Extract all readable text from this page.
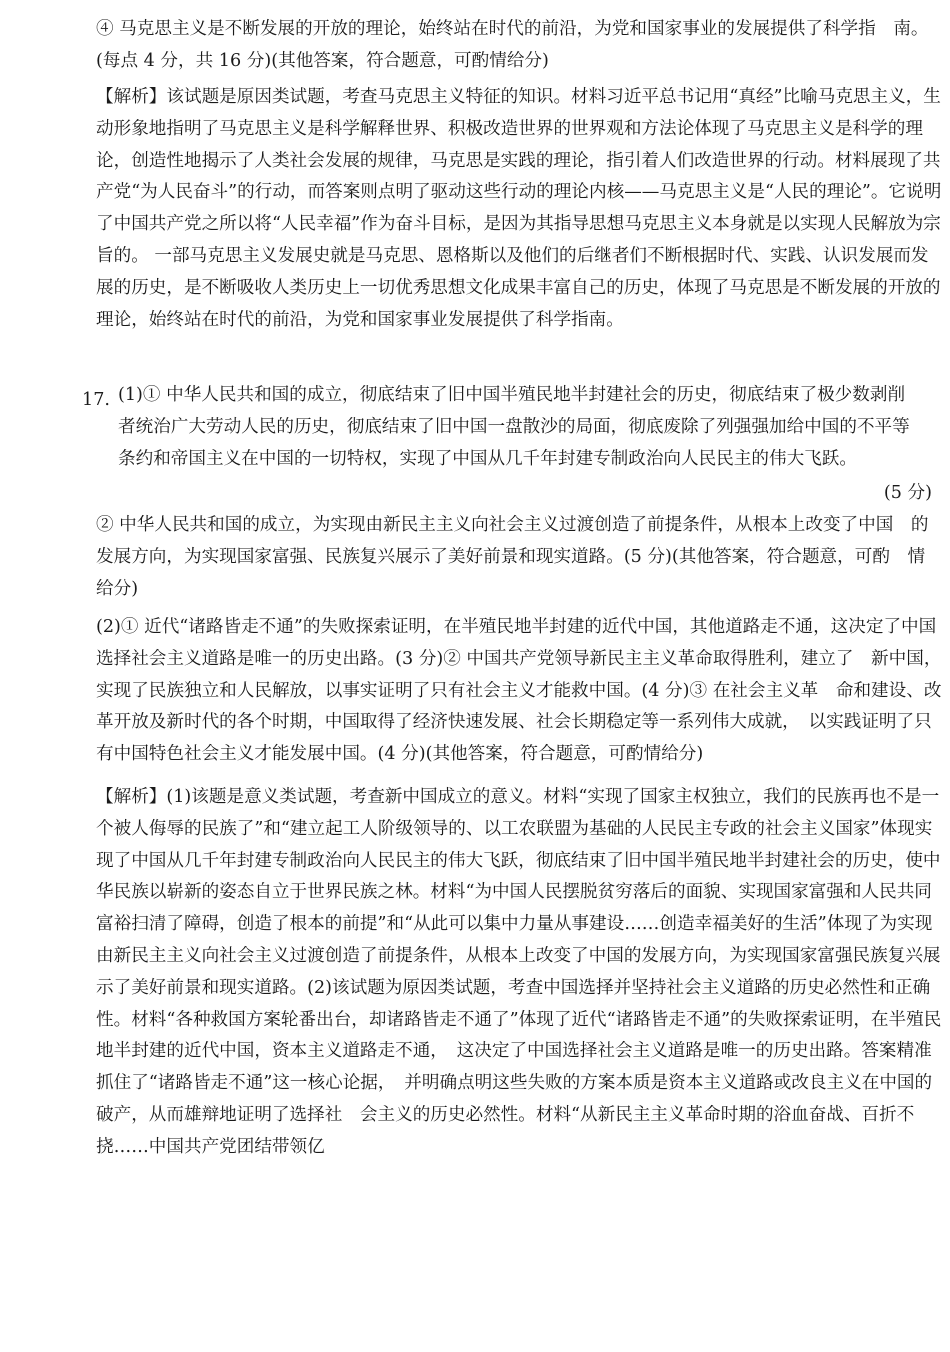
④ 马克思主义是不断发展的开放的理论，始终站在时代的前沿，为党和国家事业的发展提供了科学指　南。(每点 4 分，共 16 分)(其他答案，符合题意，可酌情给分)
【解析】该试题是原因类试题，考查马克思主义特征的知识。材料习近平总书记用“真经”比喻马克思主义，生动形象地指明了马克思主义是科学解释世界、积极改造世界的世界观和方法论体现了马克思主义是科学的理论，创造性地揭示了人类社会发展的规律，马克思是实践的理论，指引着人们改造世界的行动。材料展现了共产党“为人民奋斗”的行动，而答案则点明了驱动这些行动的理论内核——马克思主义是“人民的理论”。它说明了中国共产党之所以将“人民幸福”作为奋斗目标，是因为其指导思想马克思主义本身就是以实现人民解放为宗旨的。 一部马克思主义发展史就是马克思、恩格斯以及他们的后继者们不断根据时代、实践、认识发展而发展的历史，是不断吸收人类历史上一切优秀思想文化成果丰富自己的历史，体现了马克思是不断发展的开放的理论，始终站在时代的前沿，为党和国家事业发展提供了科学指南。
17. (1)① 中华人民共和国的成立，彻底结束了旧中国半殖民地半封建社会的历史，彻底结束了极少数剥削　者统治广大劳动人民的历史，彻底结束了旧中国一盘散沙的局面，彻底废除了列强强加给中国的不平等　条约和帝国主义在中国的一切特权，实现了中国从几千年封建专制政治向人民民主的伟大飞跃。
(5 分)
② 中华人民共和国的成立，为实现由新民主主义向社会主义过渡创造了前提条件，从根本上改变了中国　的发展方向，为实现国家富强、民族复兴展示了美好前景和现实道路。(5 分)(其他答案，符合题意，可酌　情给分)
(2)① 近代“诸路皆走不通”的失败探索证明，在半殖民地半封建的近代中国，其他道路走不通，这决定了中国选择社会主义道路是唯一的历史出路。(3 分)② 中国共产党领导新民主主义革命取得胜利，建立了　新中国，实现了民族独立和人民解放，以事实证明了只有社会主义才能救中国。(4 分)③ 在社会主义革　命和建设、改革开放及新时代的各个时期，中国取得了经济快速发展、社会长期稳定等一系列伟大成就，　以实践证明了只有中国特色社会主义才能发展中国。(4 分)(其他答案，符合题意，可酌情给分)
【解析】(1)该题是意义类试题，考查新中国成立的意义。材料“实现了国家主权独立，我们的民族再也不是一个被人侮辱的民族了”和“建立起工人阶级领导的、以工农联盟为基础的人民民主专政的社会主义国家”体现实现了中国从几千年封建专制政治向人民民主的伟大飞跃，彻底结束了旧中国半殖民地半封建社会的历史，使中华民族以崭新的姿态自立于世界民族之林。材料“为中国人民摆脱贫穷落后的面貌、实现国家富强和人民共同富裕扫清了障碍，创造了根本的前提”和“从此可以集中力量从事建设……创造幸福美好的生活”体现了为实现由新民主主义向社会主义过渡创造了前提条件，从根本上改变了中国的发展方向，为实现国家富强民族复兴展示了美好前景和现实道路。(2)该试题为原因类试题，考查中国选择并坚持社会主义道路的历史必然性和正确性。材料“各种救国方案轮番出台，却诸路皆走不通了”体现了近代“诸路皆走不通”的失败探索证明，在半殖民地半封建的近代中国，资本主义道路走不通，　这决定了中国选择社会主义道路是唯一的历史出路。答案精准抓住了“诸路皆走不通”这一核心论据，　并明确点明这些失败的方案本质是资本主义道路或改良主义在中国的破产，从而雄辩地证明了选择社　会主义的历史必然性。材料“从新民主主义革命时期的浴血奋战、百折不挠……中国共产党团结带领亿
